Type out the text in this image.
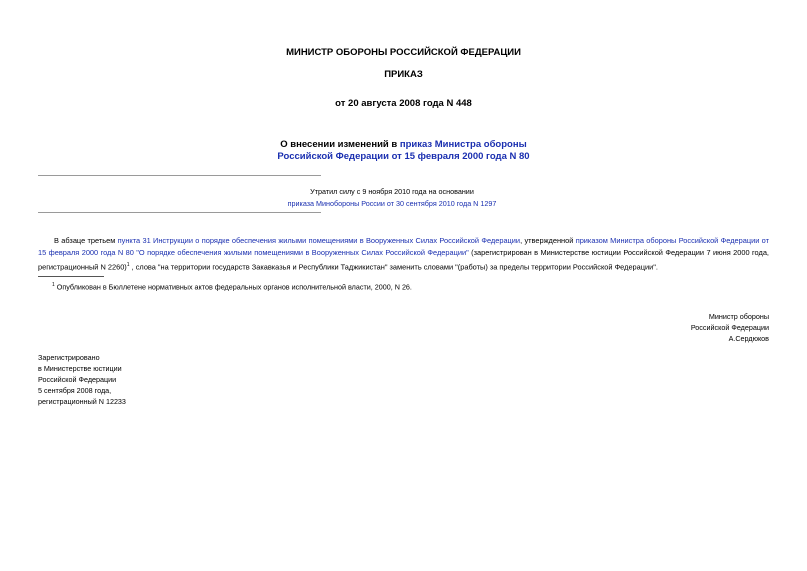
МИНИСТР ОБОРОНЫ РОССИЙСКОЙ ФЕДЕРАЦИИ
ПРИКАЗ
от 20 августа 2008 года N 448
О внесении изменений в приказ Министра обороны
Российской Федерации от 15 февраля 2000 года N 80
Утратил силу с 9 ноября 2010 года на основании
приказа Минобороны России от 30 сентября 2010 года N 1297
В абзаце третьем пункта 31 Инструкции о порядке обеспечения жилыми помещениями в Вооруженных Силах Российской Федерации, утвержденной приказом Министра обороны Российской Федерации от 15 февраля 2000 года N 80 "О порядке обеспечения жилыми помещениями в Вооруженных Силах Российской Федерации" (зарегистрирован в Министерстве юстиции Российской Федерации 7 июня 2000 года, регистрационный N 2260)$^1$ , слова "на территории государств Закавказья и Республики Таджикистан" заменить словами "(работы) за пределы территории Российской Федерации".
$^1$ Опубликован в Бюллетене нормативных актов федеральных органов исполнительной власти, 2000, N 26.
Министр обороны
Российской Федерации
А.Сердюков
Зарегистрировано
в Министерстве юстиции
Российской Федерации
5 сентября 2008 года,
регистрационный N 12233
